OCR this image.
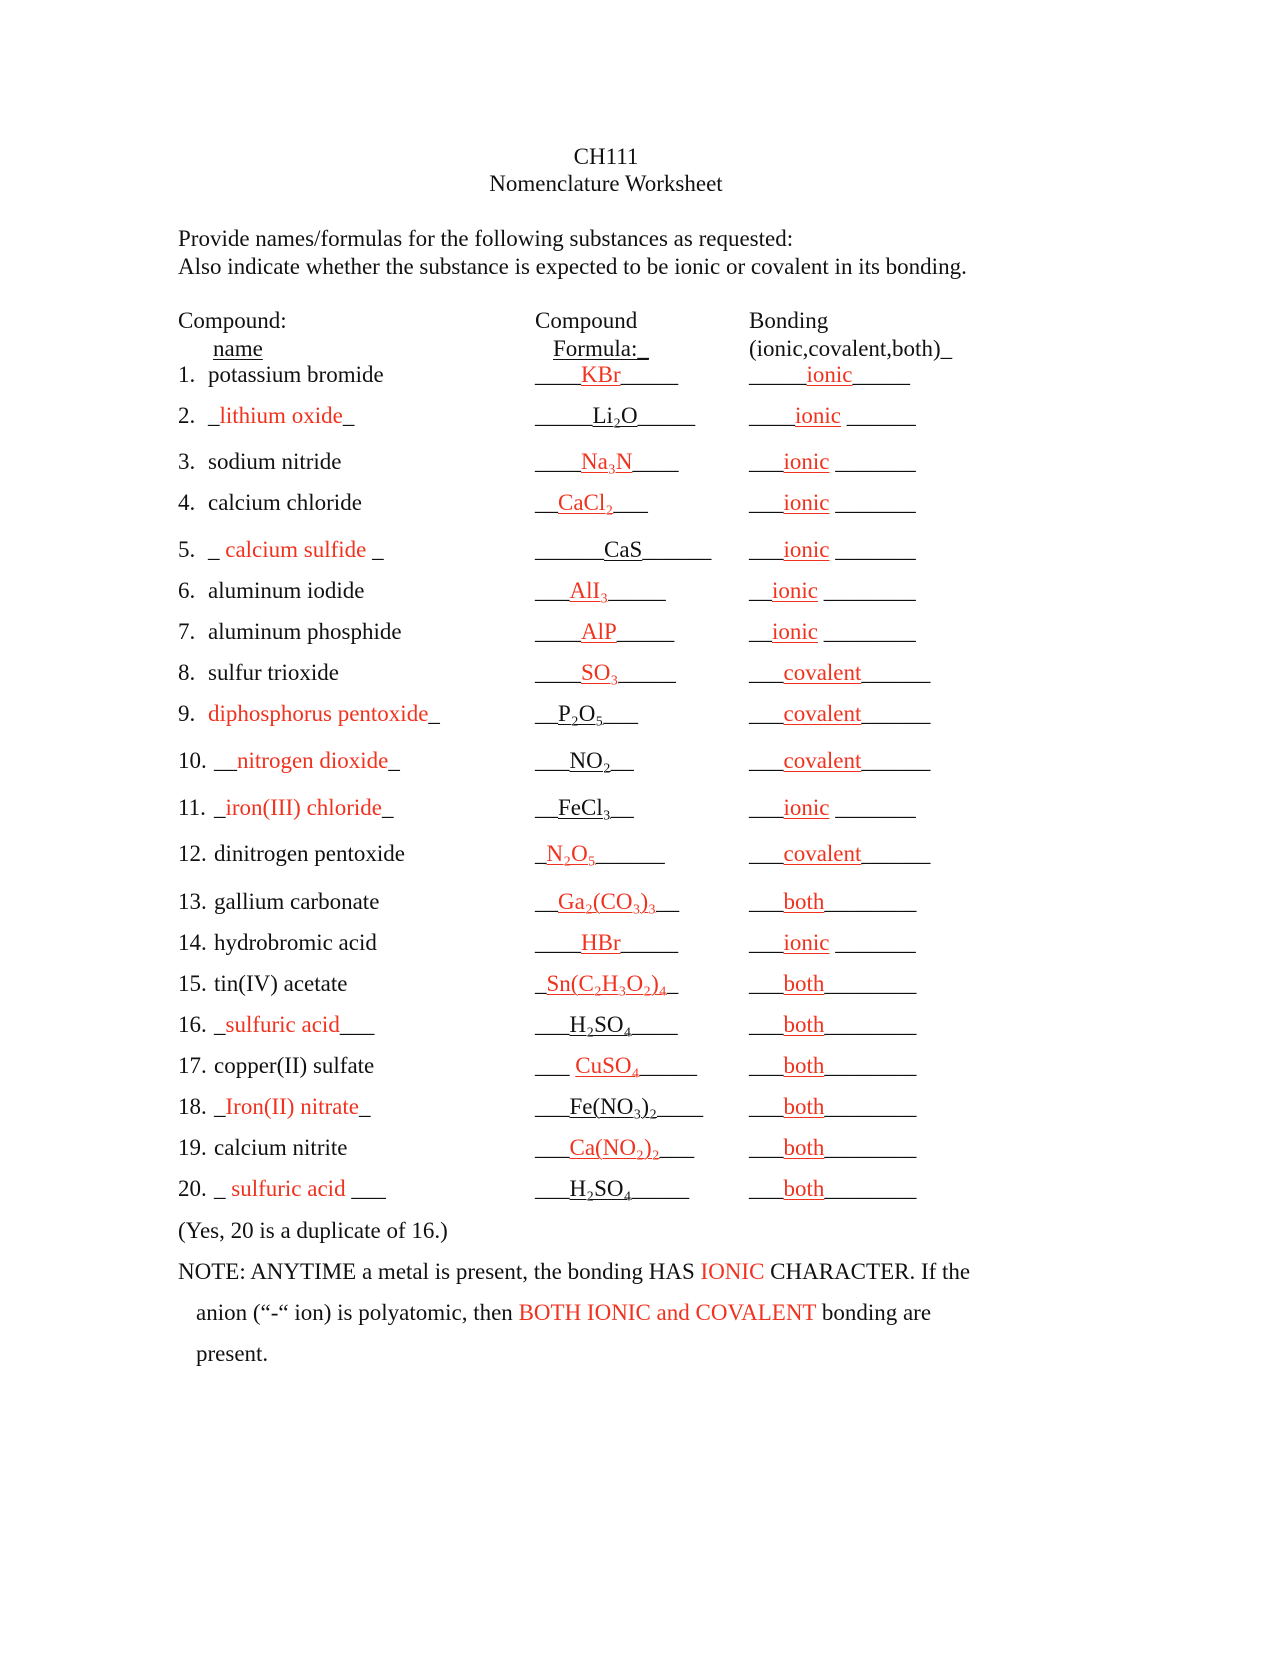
CH111
Nomenclature Worksheet
Provide names/formulas for the following substances as requested:
Also indicate whether the substance is expected to be ionic or covalent in its bonding.
Compound:
name
Compound
Formula:_
Bonding
(ionic,covalent,both)_
1. potassium bromide	____KBr_____	_____ionic_____
2. _lithium oxide_	_____Li₂O_____ ____ionic ______
3. sodium nitride	____Na₃N____	___ionic _______
4. calcium chloride	__CaCl₂___	___ionic _______
5. _ calcium sulfide _	______CaS______ ___ionic _______
6. aluminum iodide	___AlI₃_____	__ionic ________
7. aluminum phosphide	____AlP_____	__ionic ________
8. sulfur trioxide	____SO₃_____	___covalent______
9. diphosphorus pentoxide_	__P₂O₅___	___covalent______
10. __nitrogen dioxide_	___NO₂__	___covalent______
11. _iron(III) chloride_	__FeCl₃__	___ionic _______
12. dinitrogen pentoxide	_N₂O₅______	___covalent______
13. gallium carbonate	__Ga₂(CO₃)₃__	___both________
14. hydrobromic acid	____HBr_____	___ionic _______
15. tin(IV) acetate	_Sn(C₂H₃O₂)₄_	___both________
16. _sulfuric acid___	___H₂SO₄____	___both________
17. copper(II) sulfate	___ CuSO₄_____ ___both________
18. _Iron(II) nitrate_	___Fe(NO₃)₂____ ___both________
19. calcium nitrite	___Ca(NO₂)₂___ ___both________
20. _ sulfuric acid ___	___H₂SO₄_____	___both________
(Yes, 20 is a duplicate of 16.)
NOTE: ANYTIME a metal is present, the bonding HAS IONIC CHARACTER. If the
anion (“-“ ion) is polyatomic, then BOTH IONIC and COVALENT bonding are
present.
